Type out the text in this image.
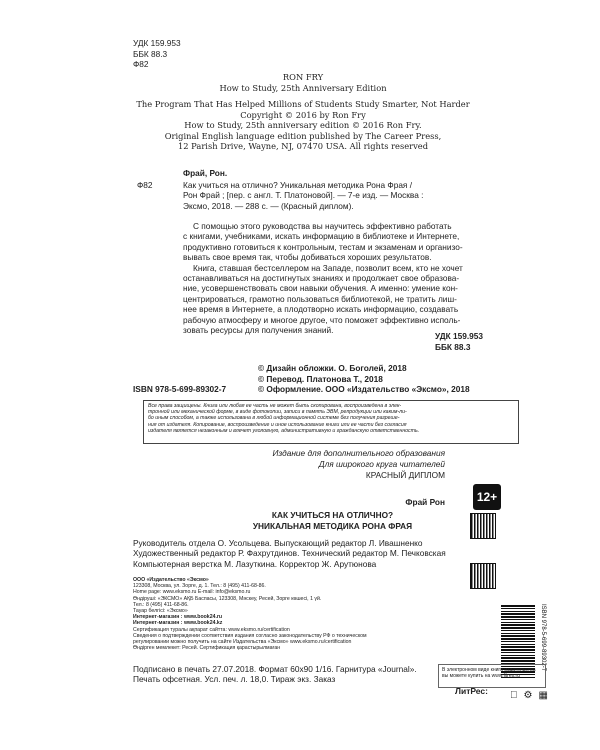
УДК 159.953
ББК 88.3
Ф82
RON FRY
How to Study, 25th Anniversary Edition
The Program That Has Helped Millions of Students Study Smarter, Not Harder
Copyright © 2016 by Ron Fry
How to Study, 25th anniversary edition © 2016 Ron Fry.
Original English language edition published by The Career Press,
12 Parish Drive, Wayne, NJ, 07470 USA. All rights reserved
Фрай, Рон.
Ф82	Как учиться на отлично? Уникальная методика Рона Фрая /
Рон Фрай ; [пер. с англ. Т. Платоновой]. — 7-е изд. — Москва :
Эксмо, 2018. — 288 с. — (Красный диплом).
С помощью этого руководства вы научитесь эффективно работать
с книгами, учебниками, искать информацию в библиотеке и Интернете,
продуктивно готовиться к контрольным, тестам и экзаменам и организо-
вывать свое время так, чтобы добиваться хороших результатов.
Книга, ставшая бестселлером на Западе, позволит всем, кто не хочет
останавливаться на достигнутых знаниях и продолжает свое образова-
ние, усовершенствовать свои навыки обучения. А именно: умение кон-
центрироваться, грамотно пользоваться библиотекой, не тратить лиш-
нее время в Интернете, а плодотворно искать информацию, создавать
рабочую атмосферу и многое другое, что поможет эффективно исполь-
зовать ресурсы для получения знаний.
УДК 159.953
ББК 88.3
© Дизайн обложки. О. Боголей, 2018
© Перевод. Платонова Т., 2018
© Оформление. ООО «Издательство «Эксмо», 2018
ISBN 978-5-699-89302-7
Все права защищены. Книга или любая ее часть не может быть скопирована, воспроизведена в элек-
тронной или механической форме, в виде фотокопии, записи в память ЭВМ, репродукции или каким-ли-
бо иным способом, а также использована в любой информационной системе без получения разреше-
ния от издателя. Копирование, воспроизведение и иное использование книги или ее части без согласия
издателя является незаконным и влечет уголовную, административную и гражданскую ответственность.
Издание для дополнительного образования
Для широкого круга читателей
КРАСНЫЙ ДИПЛОМ
12+
Фрай Рон
КАК УЧИТЬСЯ НА ОТЛИЧНО?
УНИКАЛЬНАЯ МЕТОДИКА РОНА ФРАЯ
Руководитель отдела О. Усольцева. Выпускающий редактор Л. Ивашненко
Художественный редактор Р. Фахрутдинов. Технический редактор М. Печковская
Компьютерная верстка М. Лазуткина. Корректор Ж. Арутюнова
ООО «Издательство «Эксмо»
123308, Москва, ул. Зорге, д. 1. Тел.: 8 (495) 411-68-86.
Home page: www.eksmo.ru E-mail: info@eksmo.ru
Өндіруші: «ЭКСМО» АҚБ Баспасы, 123308, Мәскеу, Ресей, Зорге көшесі, 1 үй.
Тел.: 8 (495) 411-68-86.
Тауар белгісі: «Эксмо»
Интернет-магазин : www.book24.ru
Интернет-магазин : www.book24.kz
Сертификация туралы ақпарат сайтта: www.eksmo.ru/certification
Сведения о подтверждении соответствия издания согласно законодательству РФ о техническом
регулировании можно получить на сайте Издательства «Эксмо» www.eksmo.ru/certification
Өндірген мемлекет: Ресей. Сертификация қарастырылмаған
Подписано в печать 27.07.2018. Формат 60x90 1/16. Гарнитура «Journal».
Печать офсетная. Усл. печ. л. 18,0. Тираж экз. Заказ
ISBN 978-5-699-89302-7
В электронном виде книги издательства вы можете купить на www.litres.ru
ЛитРес:	⚙ ▦
